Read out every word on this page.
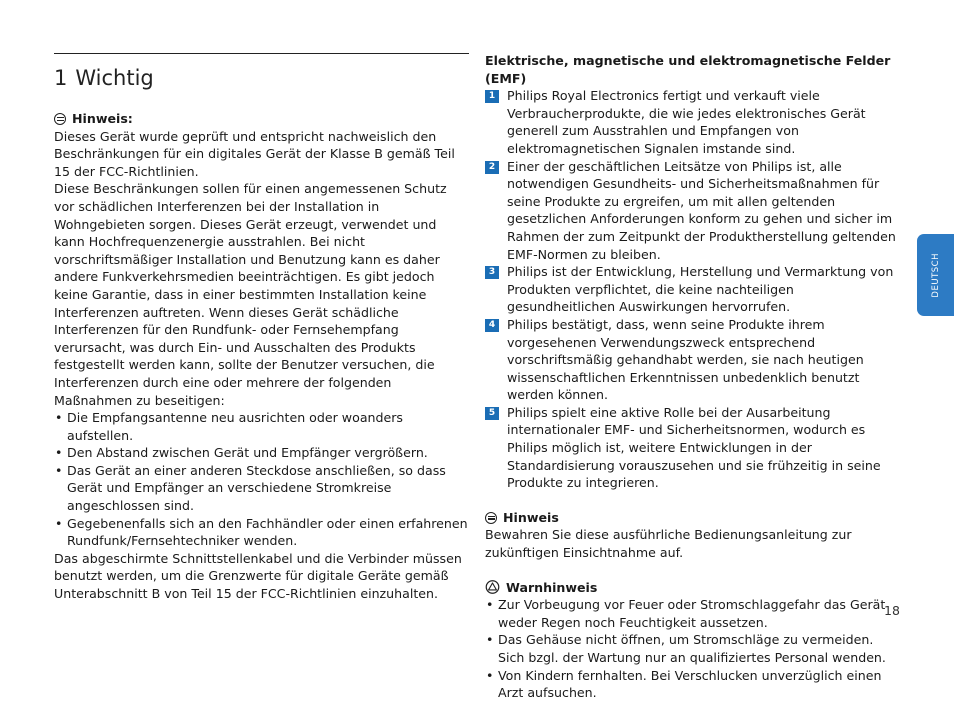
1 Wichtig
Hinweis:

Dieses Gerät wurde geprüft und entspricht nachweislich den Beschränkungen für ein digitales Gerät der Klasse B gemäß Teil 15 der FCC-Richtlinien.

Diese Beschränkungen sollen für einen angemessenen Schutz vor schädlichen Interferenzen bei der Installation in Wohngebieten sorgen. Dieses Gerät erzeugt, verwendet und kann Hochfrequenzenergie ausstrahlen. Bei nicht vorschriftsmäßiger Installation und Benutzung kann es daher andere Funkverkehrsmedien beeinträchtigen. Es gibt jedoch keine Garantie, dass in einer bestimmten Installation keine Interferenzen auftreten. Wenn dieses Gerät schädliche Interferenzen für den Rundfunk- oder Fernsehempfang verursacht, was durch Ein- und Ausschalten des Produkts festgestellt werden kann, sollte der Benutzer versuchen, die Interferenzen durch eine oder mehrere der folgenden Maßnahmen zu beseitigen:

• Die Empfangsantenne neu ausrichten oder woanders aufstellen.
• Den Abstand zwischen Gerät und Empfänger vergrößern.
• Das Gerät an einer anderen Steckdose anschließen, so dass Gerät und Empfänger an verschiedene Stromkreise angeschlossen sind.
• Gegebenenfalls sich an den Fachhändler oder einen erfahrenen Rundfunk/Fernsehtechniker wenden.

Das abgeschirmte Schnittstellenkabel und die Verbinder müssen benutzt werden, um die Grenzwerte für digitale Geräte gemäß Unterabschnitt B von Teil 15 der FCC-Richtlinien einzuhalten.

Elektrische, magnetische und elektromagnetische Felder (EMF)

1 Philips Royal Electronics fertigt und verkauft viele Verbraucherprodukte, die wie jedes elektronisches Gerät generell zum Ausstrahlen und Empfangen von elektromagnetischen Signalen imstande sind.
2 Einer der geschäftlichen Leitsätze von Philips ist, alle notwendigen Gesundheits- und Sicherheitsmaßnahmen für seine Produkte zu ergreifen, um mit allen geltenden gesetzlichen Anforderungen konform zu gehen und sicher im Rahmen der zum Zeitpunkt der Produktherstellung geltenden EMF-Normen zu bleiben.
3 Philips ist der Entwicklung, Herstellung und Vermarktung von Produkten verpflichtet, die keine nachteiligen gesundheitlichen Auswirkungen hervorrufen.
4 Philips bestätigt, dass, wenn seine Produkte ihrem vorgesehenen Verwendungszweck entsprechend vorschriftsmäßig gehandhabt werden, sie nach heutigen wissenschaftlichen Erkenntnissen unbedenklich benutzt werden können.
5 Philips spielt eine aktive Rolle bei der Ausarbeitung internationaler EMF- und Sicherheitsnormen, wodurch es Philips möglich ist, weitere Entwicklungen in der Standardisierung vorauszusehen und sie frühzeitig in seine Produkte zu integrieren.
Hinweis

Bewahren Sie diese ausführliche Bedienungsanleitung zur zukünftigen Einsichtnahme auf.

Warnhinweis
• Zur Vorbeugung vor Feuer oder Stromschlaggefahr das Gerät weder Regen noch Feuchtigkeit aussetzen.
• Das Gehäuse nicht öffnen, um Stromschläge zu vermeiden. Sich bzgl. der Wartung nur an qualifiziertes Personal wenden.
• Von Kindern fernhalten. Bei Verschlucken unverzüglich einen Arzt aufsuchen.
DEUTSCH
18
